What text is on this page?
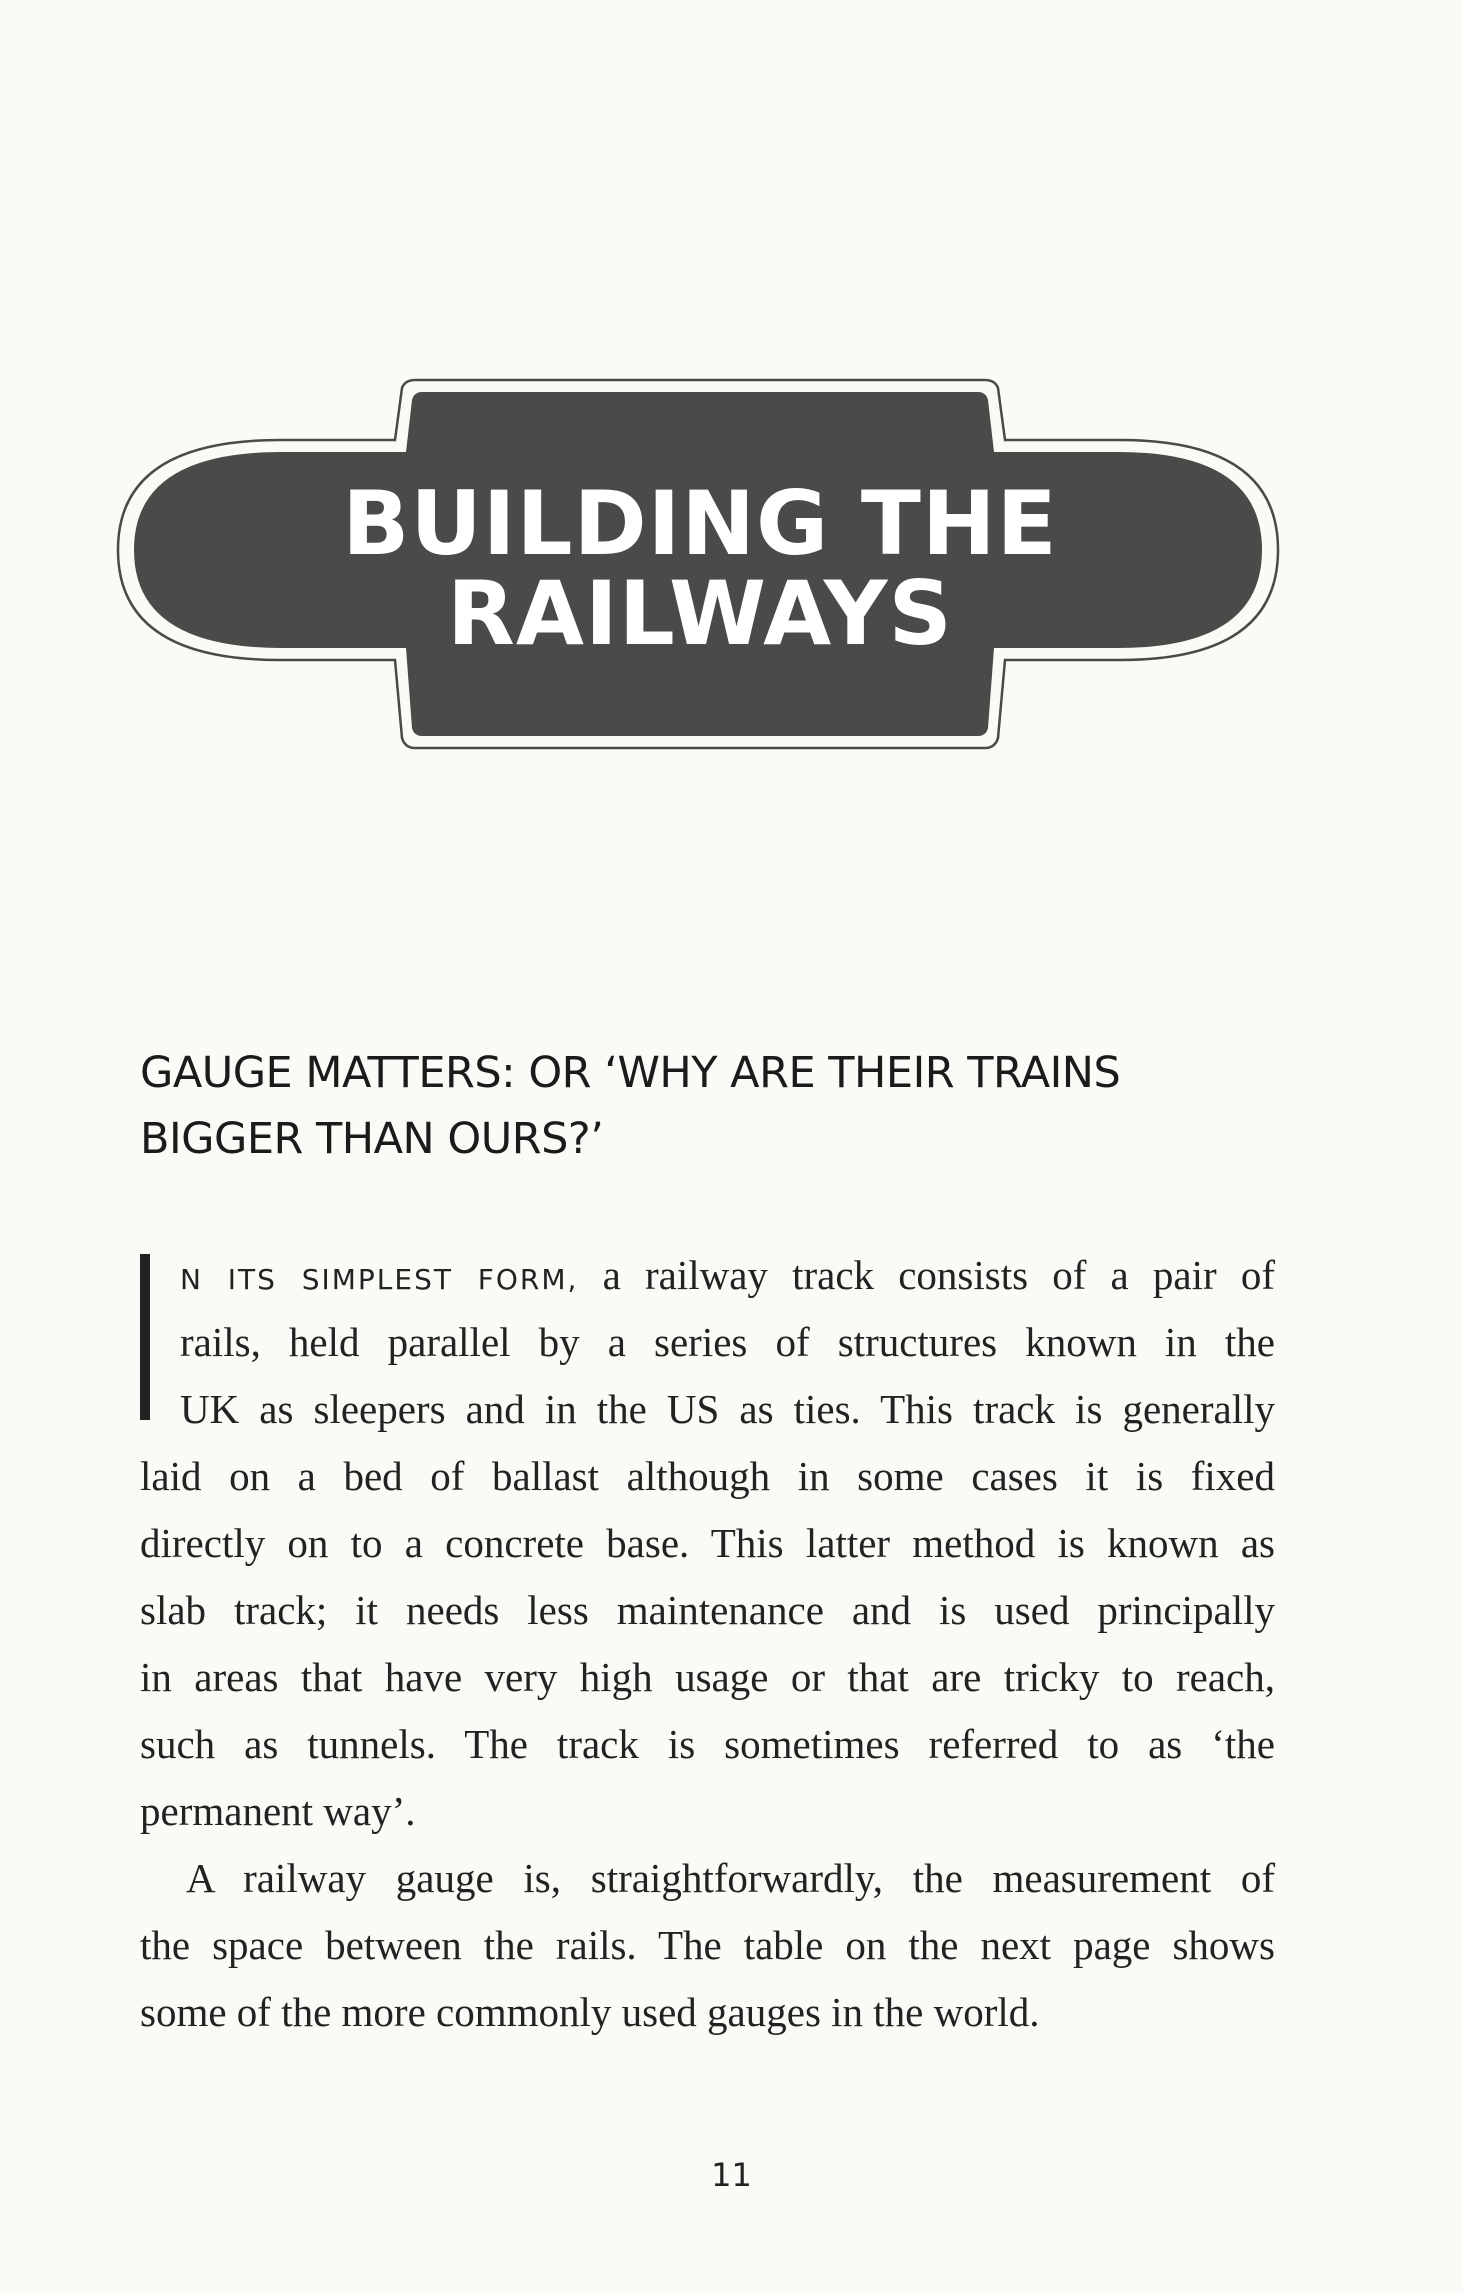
BUILDING THE
RAILWAYS
GAUGE MATTERS: OR ‘WHY ARE THEIR TRAINS
BIGGER THAN OURS?’
N ITS SIMPLEST FORM, a railway track consists of a pair of
rails, held parallel by a series of structures known in the
UK as sleepers and in the US as ties. This track is generally
laid on a bed of ballast although in some cases it is fixed
directly on to a concrete base. This latter method is known as
slab track; it needs less maintenance and is used principally
in areas that have very high usage or that are tricky to reach,
such as tunnels. The track is sometimes referred to as ‘the
permanent way’.
A railway gauge is, straightforwardly, the measurement of
the space between the rails. The table on the next page shows
some of the more commonly used gauges in the world.
11
